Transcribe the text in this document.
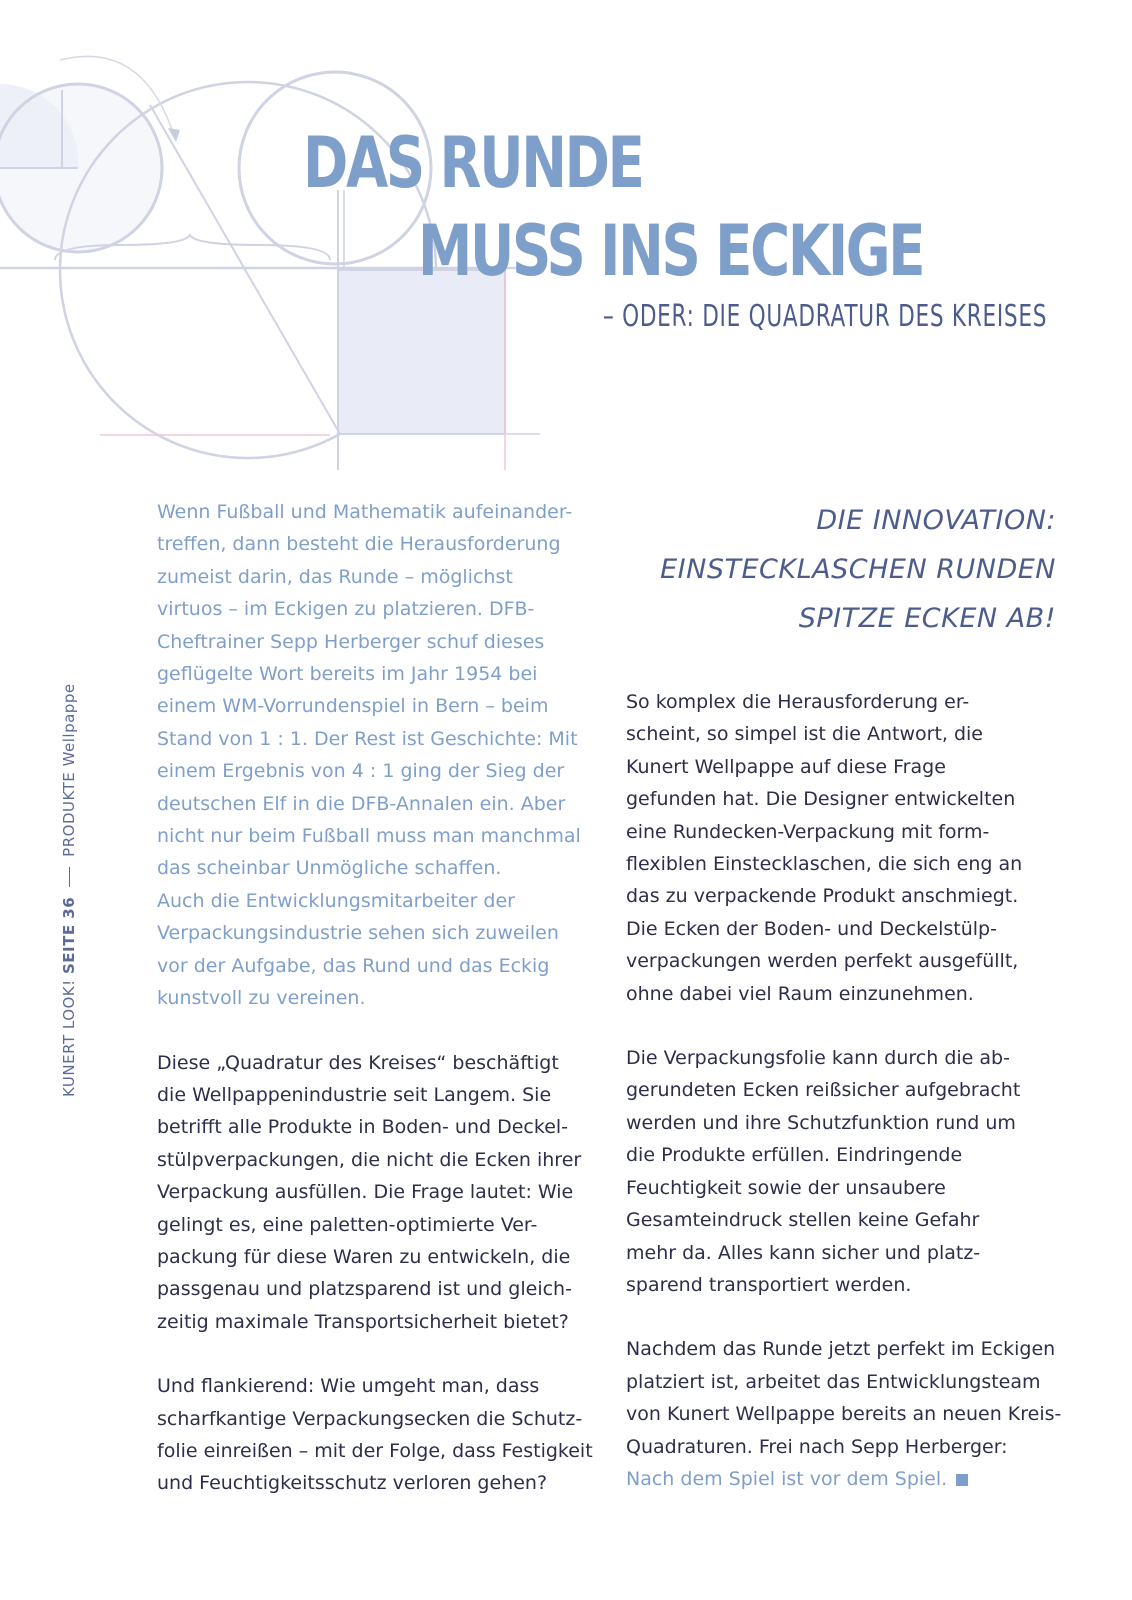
DAS RUNDE
MUSS INS ECKIGE
– ODER: DIE QUADRATUR DES KREISES
KUNERT LOOK! SEITE 36PRODUKTE Wellpappe

Wenn Fußball und Mathematik aufeinander-

treffen, dann besteht die Herausforderung

zumeist darin, das Runde – möglichst

virtuos – im Eckigen zu platzieren. DFB-

Cheftrainer Sepp Herberger schuf dieses

geflügelte Wort bereits im Jahr 1954 bei

einem WM-Vorrundenspiel in Bern – beim

Stand von 1 : 1. Der Rest ist Geschichte: Mit

einem Ergebnis von 4 : 1 ging der Sieg der

deutschen Elf in die DFB-Annalen ein. Aber

nicht nur beim Fußball muss man manchmal

das scheinbar Unmögliche schaffen.

Auch die Entwicklungsmitarbeiter der

Verpackungsindustrie sehen sich zuweilen

vor der Aufgabe, das Rund und das Eckig

kunstvoll zu vereinen.

Diese „Quadratur des Kreises“ beschäftigt

die Wellpappenindustrie seit Langem. Sie

betrifft alle Produkte in Boden- und Deckel-

stülpverpackungen, die nicht die Ecken ihrer

Verpackung ausfüllen. Die Frage lautet: Wie

gelingt es, eine paletten-optimierte Ver-

packung für diese Waren zu entwickeln, die

passgenau und platzsparend ist und gleich-

zeitig maximale Transportsicherheit bietet?

Und flankierend: Wie umgeht man, dass

scharfkantige Verpackungsecken die Schutz-

folie einreißen – mit der Folge, dass Festigkeit

und Feuchtigkeitsschutz verloren gehen?

DIE INNOVATION:

EINSTECKLASCHEN RUNDEN

SPITZE ECKEN AB!

So komplex die Herausforderung er-

scheint, so simpel ist die Antwort, die

Kunert Wellpappe auf diese Frage

gefunden hat. Die Designer entwickelten

eine Rundecken-Verpackung mit form-

flexiblen Einstecklaschen, die sich eng an

das zu verpackende Produkt anschmiegt.

Die Ecken der Boden- und Deckelstülp-

verpackungen werden perfekt ausgefüllt,

ohne dabei viel Raum einzunehmen.

Die Verpackungsfolie kann durch die ab-

gerundeten Ecken reißsicher aufgebracht

werden und ihre Schutzfunktion rund um

die Produkte erfüllen. Eindringende

Feuchtigkeit sowie der unsaubere

Gesamteindruck stellen keine Gefahr

mehr da. Alles kann sicher und platz-

sparend transportiert werden.

Nachdem das Runde jetzt perfekt im Eckigen

platziert ist, arbeitet das Entwicklungsteam

von Kunert Wellpappe bereits an neuen Kreis-

Quadraturen. Frei nach Sepp Herberger:

Nach dem Spiel ist vor dem Spiel.
